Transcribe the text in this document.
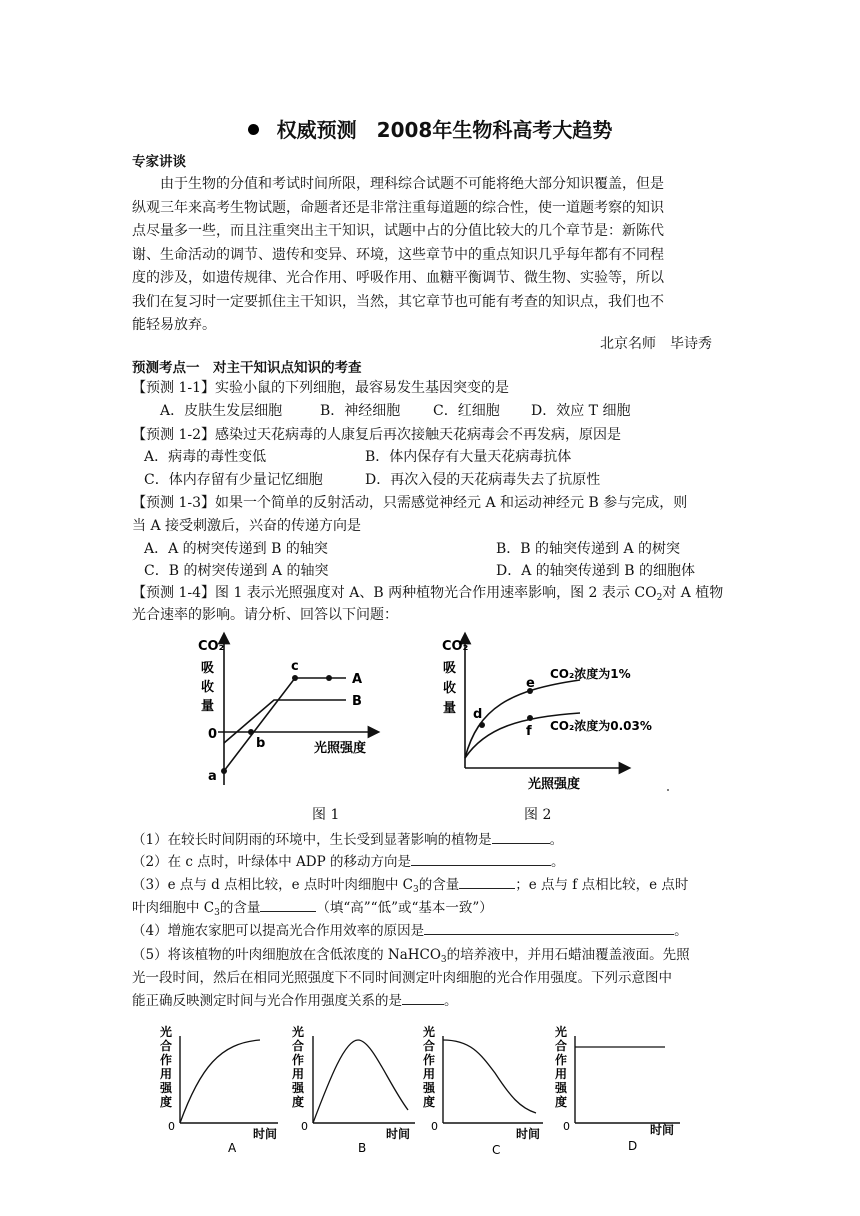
权威预测　2008年生物科高考大趋势
专家讲谈
由于生物的分值和考试时间所限，理科综合试题不可能将绝大部分知识覆盖，但是
纵观三年来高考生物试题，命题者还是非常注重每道题的综合性，使一道题考察的知识
点尽量多一些，而且注重突出主干知识，试题中占的分值比较大的几个章节是：新陈代
谢、生命活动的调节、遗传和变异、环境，这些章节中的重点知识几乎每年都有不同程
度的涉及，如遗传规律、光合作用、呼吸作用、血糖平衡调节、微生物、实验等，所以
我们在复习时一定要抓住主干知识，当然，其它章节也可能有考查的知识点，我们也不
能轻易放弃。
北京名师　毕诗秀
预测考点一　对主干知识点知识的考查
【预测 1-1】实验小鼠的下列细胞，最容易发生基因突变的是
A．皮肤生发层细胞	B．神经细胞 C．红细胞 D．效应 T 细胞
【预测 1-2】感染过天花病毒的人康复后再次接触天花病毒会不再发病，原因是
A．病毒的毒性变低	B．体内保存有大量天花病毒抗体
C．体内存留有少量记忆细胞	D．再次入侵的天花病毒失去了抗原性
【预测 1-3】如果一个简单的反射活动，只需感觉神经元 A 和运动神经元 B 参与完成，则
当 A 接受刺激后，兴奋的传递方向是
A．A 的树突传递到 B 的轴突	B．B 的轴突传递到 A 的树突
C．B 的树突传递到 A 的轴突	D．A 的轴突传递到 B 的细胞体
【预测 1-4】图 1 表示光照强度对 A、B 两种植物光合作用速率影响，图 2 表示 $CO_2$对 A 植物
光合速率的影响。请分析、回答以下问题：
CO₂
吸
收
量
0
光照强度
a
b
c
A
B
CO₂
吸
收
量
光照强度
d
e
f
CO₂浓度为1%
CO₂浓度为0.03%
图 1	图 2
（1）在较长时间阴雨的环境中，生长受到显著影响的植物是	。
（2）在 c 点时，叶绿体中 ADP 的移动方向是	。
（3）e 点与 d 点相比较，e 点时叶肉细胞中 $C_3$的含量	；e 点与 f 点相比较，e 点时
叶肉细胞中 $C_3$的含量	（填“高”“低”或“基本一致”）
（4）增施农家肥可以提高光合作用效率的原因是	。
（5）将该植物的叶肉细胞放在含低浓度的 NaHCO$_3$的培养液中，并用石蜡油覆盖液面。先照
光一段时间，然后在相同光照强度下不同时间测定叶肉细胞的光合作用强度。下列示意图中
能正确反映测定时间与光合作用强度关系的是	。
光
合
作
用
强
度
0
时间
A
光
合
作
用
强
度
0
时间
B
光
合
作
用
强
度
0
时间
C
光
合
作
用
强
度
0	时间
D
